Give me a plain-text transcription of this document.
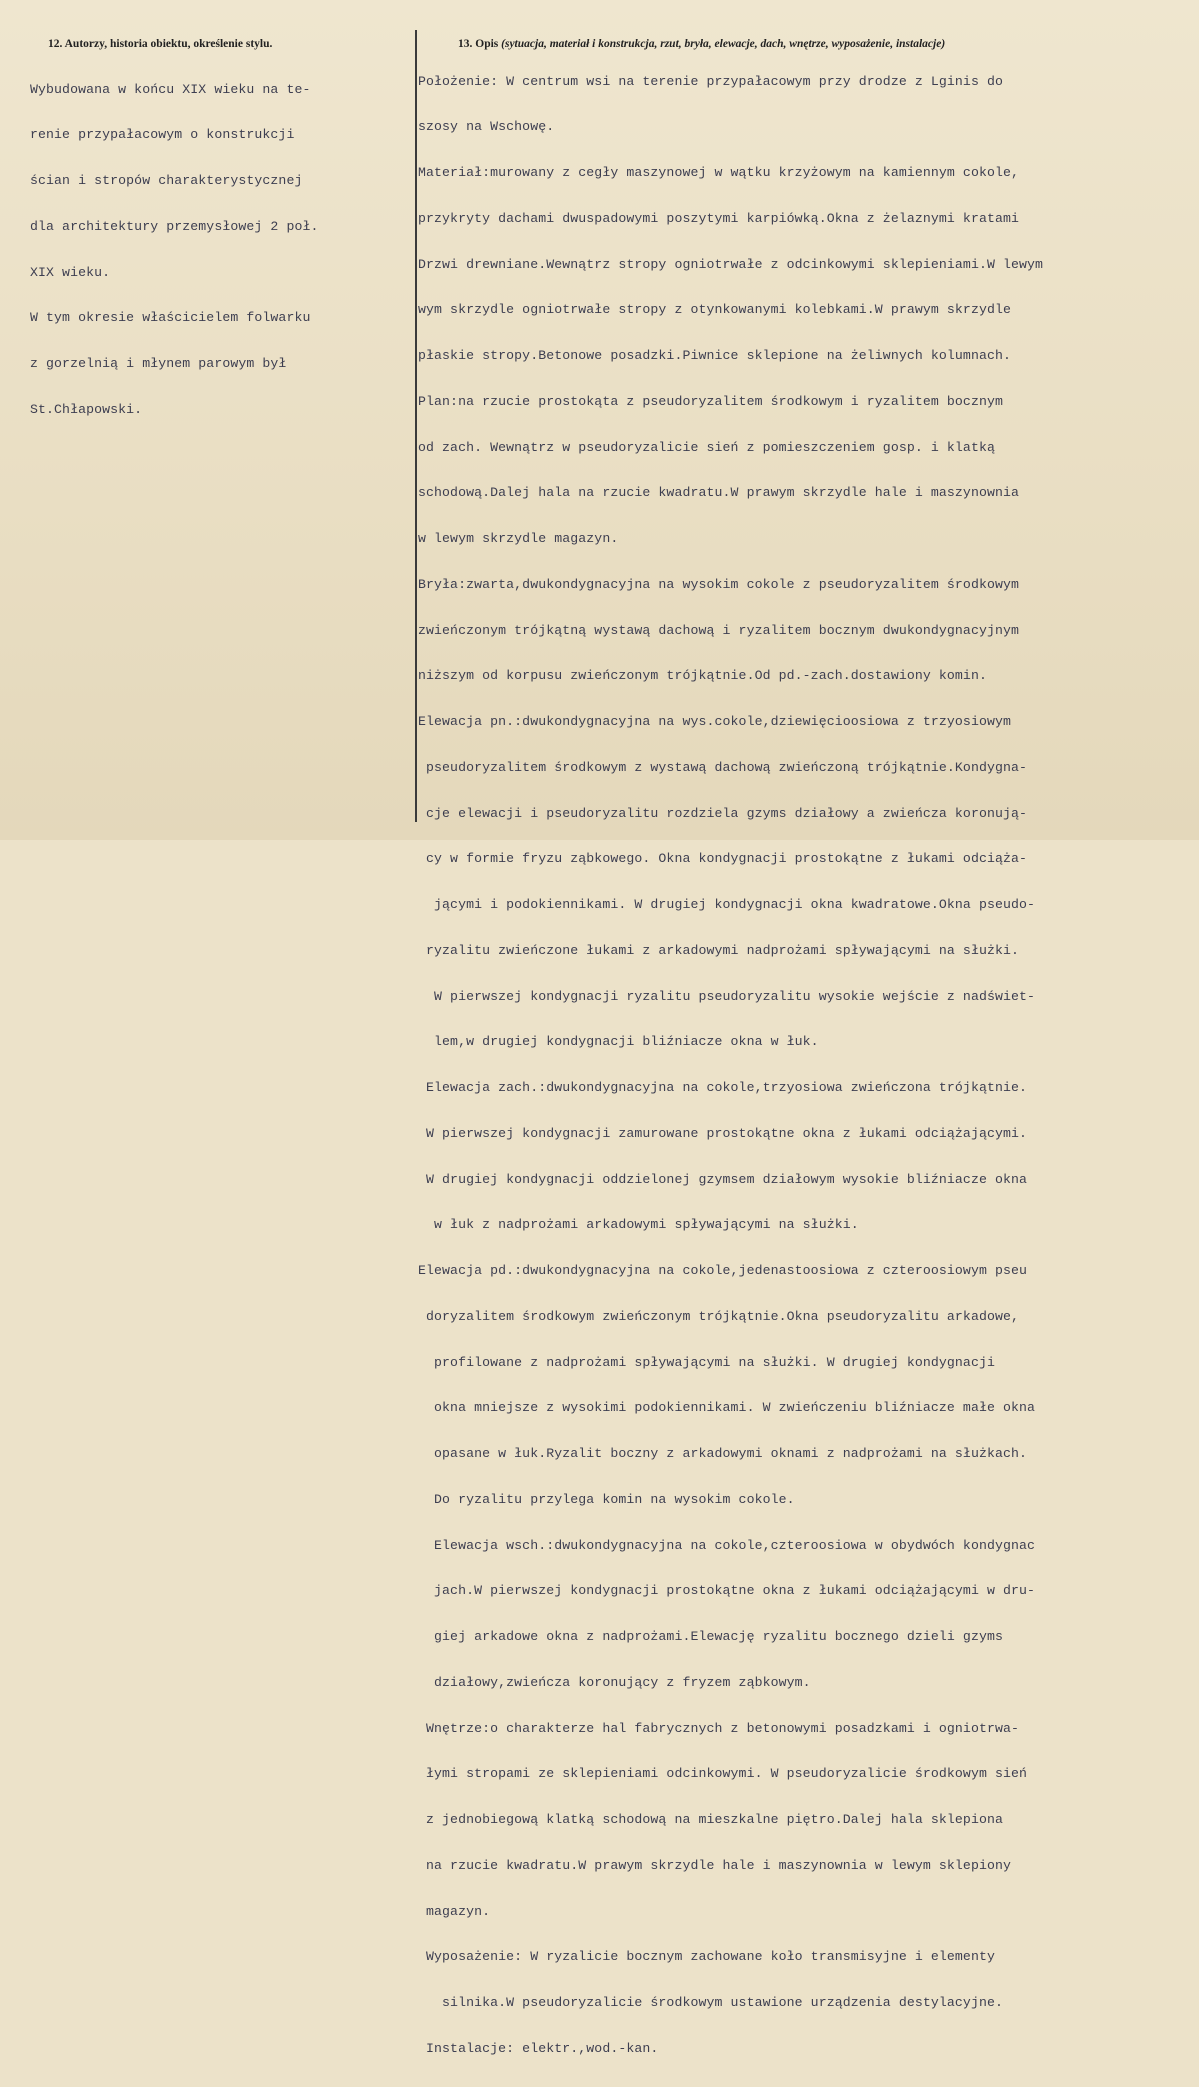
12. Autorzy, historia obiektu, określenie stylu.

Wybudowana w końcu XIX wieku na te-

renie przypałacowym o konstrukcji

ścian i stropów charakterystycznej

dla architektury przemysłowej 2 poł.

XIX wieku.

W tym okresie właścicielem folwarku

z gorzelnią i młynem parowym był

St.Chłapowski.

13. Opis (sytuacja, materiał i konstrukcja, rzut, bryła, elewacje, dach, wnętrze, wyposażenie, instalacje)

Położenie: W centrum wsi na terenie przypałacowym przy drodze z Lginis do

szosy na Wschowę.

Materiał:murowany z cegły maszynowej w wątku krzyżowym na kamiennym cokole,

przykryty dachami dwuspadowymi poszytymi karpiówką.Okna z żelaznymi kratami

Drzwi drewniane.Wewnątrz stropy ogniotrwałe z odcinkowymi sklepieniami.W lewym

wym skrzydle ogniotrwałe stropy z otynkowanymi kolebkami.W prawym skrzydle

płaskie stropy.Betonowe posadzki.Piwnice sklepione na żeliwnych kolumnach.

Plan:na rzucie prostokąta z pseudoryzalitem środkowym i ryzalitem bocznym

od zach. Wewnątrz w pseudoryzalicie sień z pomieszczeniem gosp. i klatką

schodową.Dalej hala na rzucie kwadratu.W prawym skrzydle hale i maszynownia

w lewym skrzydle magazyn.

Bryła:zwarta,dwukondygnacyjna na wysokim cokole z pseudoryzalitem środkowym

zwieńczonym trójkątną wystawą dachową i ryzalitem bocznym dwukondygnacyjnym

niższym od korpusu zwieńczonym trójkątnie.Od pd.-zach.dostawiony komin.

Elewacja pn.:dwukondygnacyjna na wys.cokole,dziewięcioosiowa z trzyosiowym

pseudoryzalitem środkowym z wystawą dachową zwieńczoną trójkątnie.Kondygna-

cje elewacji i pseudoryzalitu rozdziela gzyms działowy a zwieńcza koronują-

cy w formie fryzu ząbkowego. Okna kondygnacji prostokątne z łukami odciąża-

jącymi i podokiennikami. W drugiej kondygnacji okna kwadratowe.Okna pseudo-

ryzalitu zwieńczone łukami z arkadowymi nadprożami spływającymi na służki.

W pierwszej kondygnacji ryzalitu pseudoryzalitu wysokie wejście z nadświet-

lem,w drugiej kondygnacji bliźniacze okna w łuk.

Elewacja zach.:dwukondygnacyjna na cokole,trzyosiowa zwieńczona trójkątnie.

W pierwszej kondygnacji zamurowane prostokątne okna z łukami odciążającymi.

W drugiej kondygnacji oddzielonej gzymsem działowym wysokie bliźniacze okna

w łuk z nadprożami arkadowymi spływającymi na służki.

Elewacja pd.:dwukondygnacyjna na cokole,jedenastoosiowa z czteroosiowym pseu

doryzalitem środkowym zwieńczonym trójkątnie.Okna pseudoryzalitu arkadowe,

profilowane z nadprożami spływającymi na służki. W drugiej kondygnacji

okna mniejsze z wysokimi podokiennikami. W zwieńczeniu bliźniacze małe okna

opasane w łuk.Ryzalit boczny z arkadowymi oknami z nadprożami na służkach.

Do ryzalitu przylega komin na wysokim cokole.

Elewacja wsch.:dwukondygnacyjna na cokole,czteroosiowa w obydwóch kondygnac

jach.W pierwszej kondygnacji prostokątne okna z łukami odciążającymi w dru-

giej arkadowe okna z nadprożami.Elewację ryzalitu bocznego dzieli gzyms

działowy,zwieńcza koronujący z fryzem ząbkowym.

Wnętrze:o charakterze hal fabrycznych z betonowymi posadzkami i ogniotrwa-

łymi stropami ze sklepieniami odcinkowymi. W pseudoryzalicie środkowym sień

z jednobiegową klatką schodową na mieszkalne piętro.Dalej hala sklepiona

na rzucie kwadratu.W prawym skrzydle hale i maszynownia w lewym sklepiony

magazyn.

Wyposażenie: W ryzalicie bocznym zachowane koło transmisyjne i elementy

silnika.W pseudoryzalicie środkowym ustawione urządzenia destylacyjne.

Instalacje: elektr.,wod.-kan.
